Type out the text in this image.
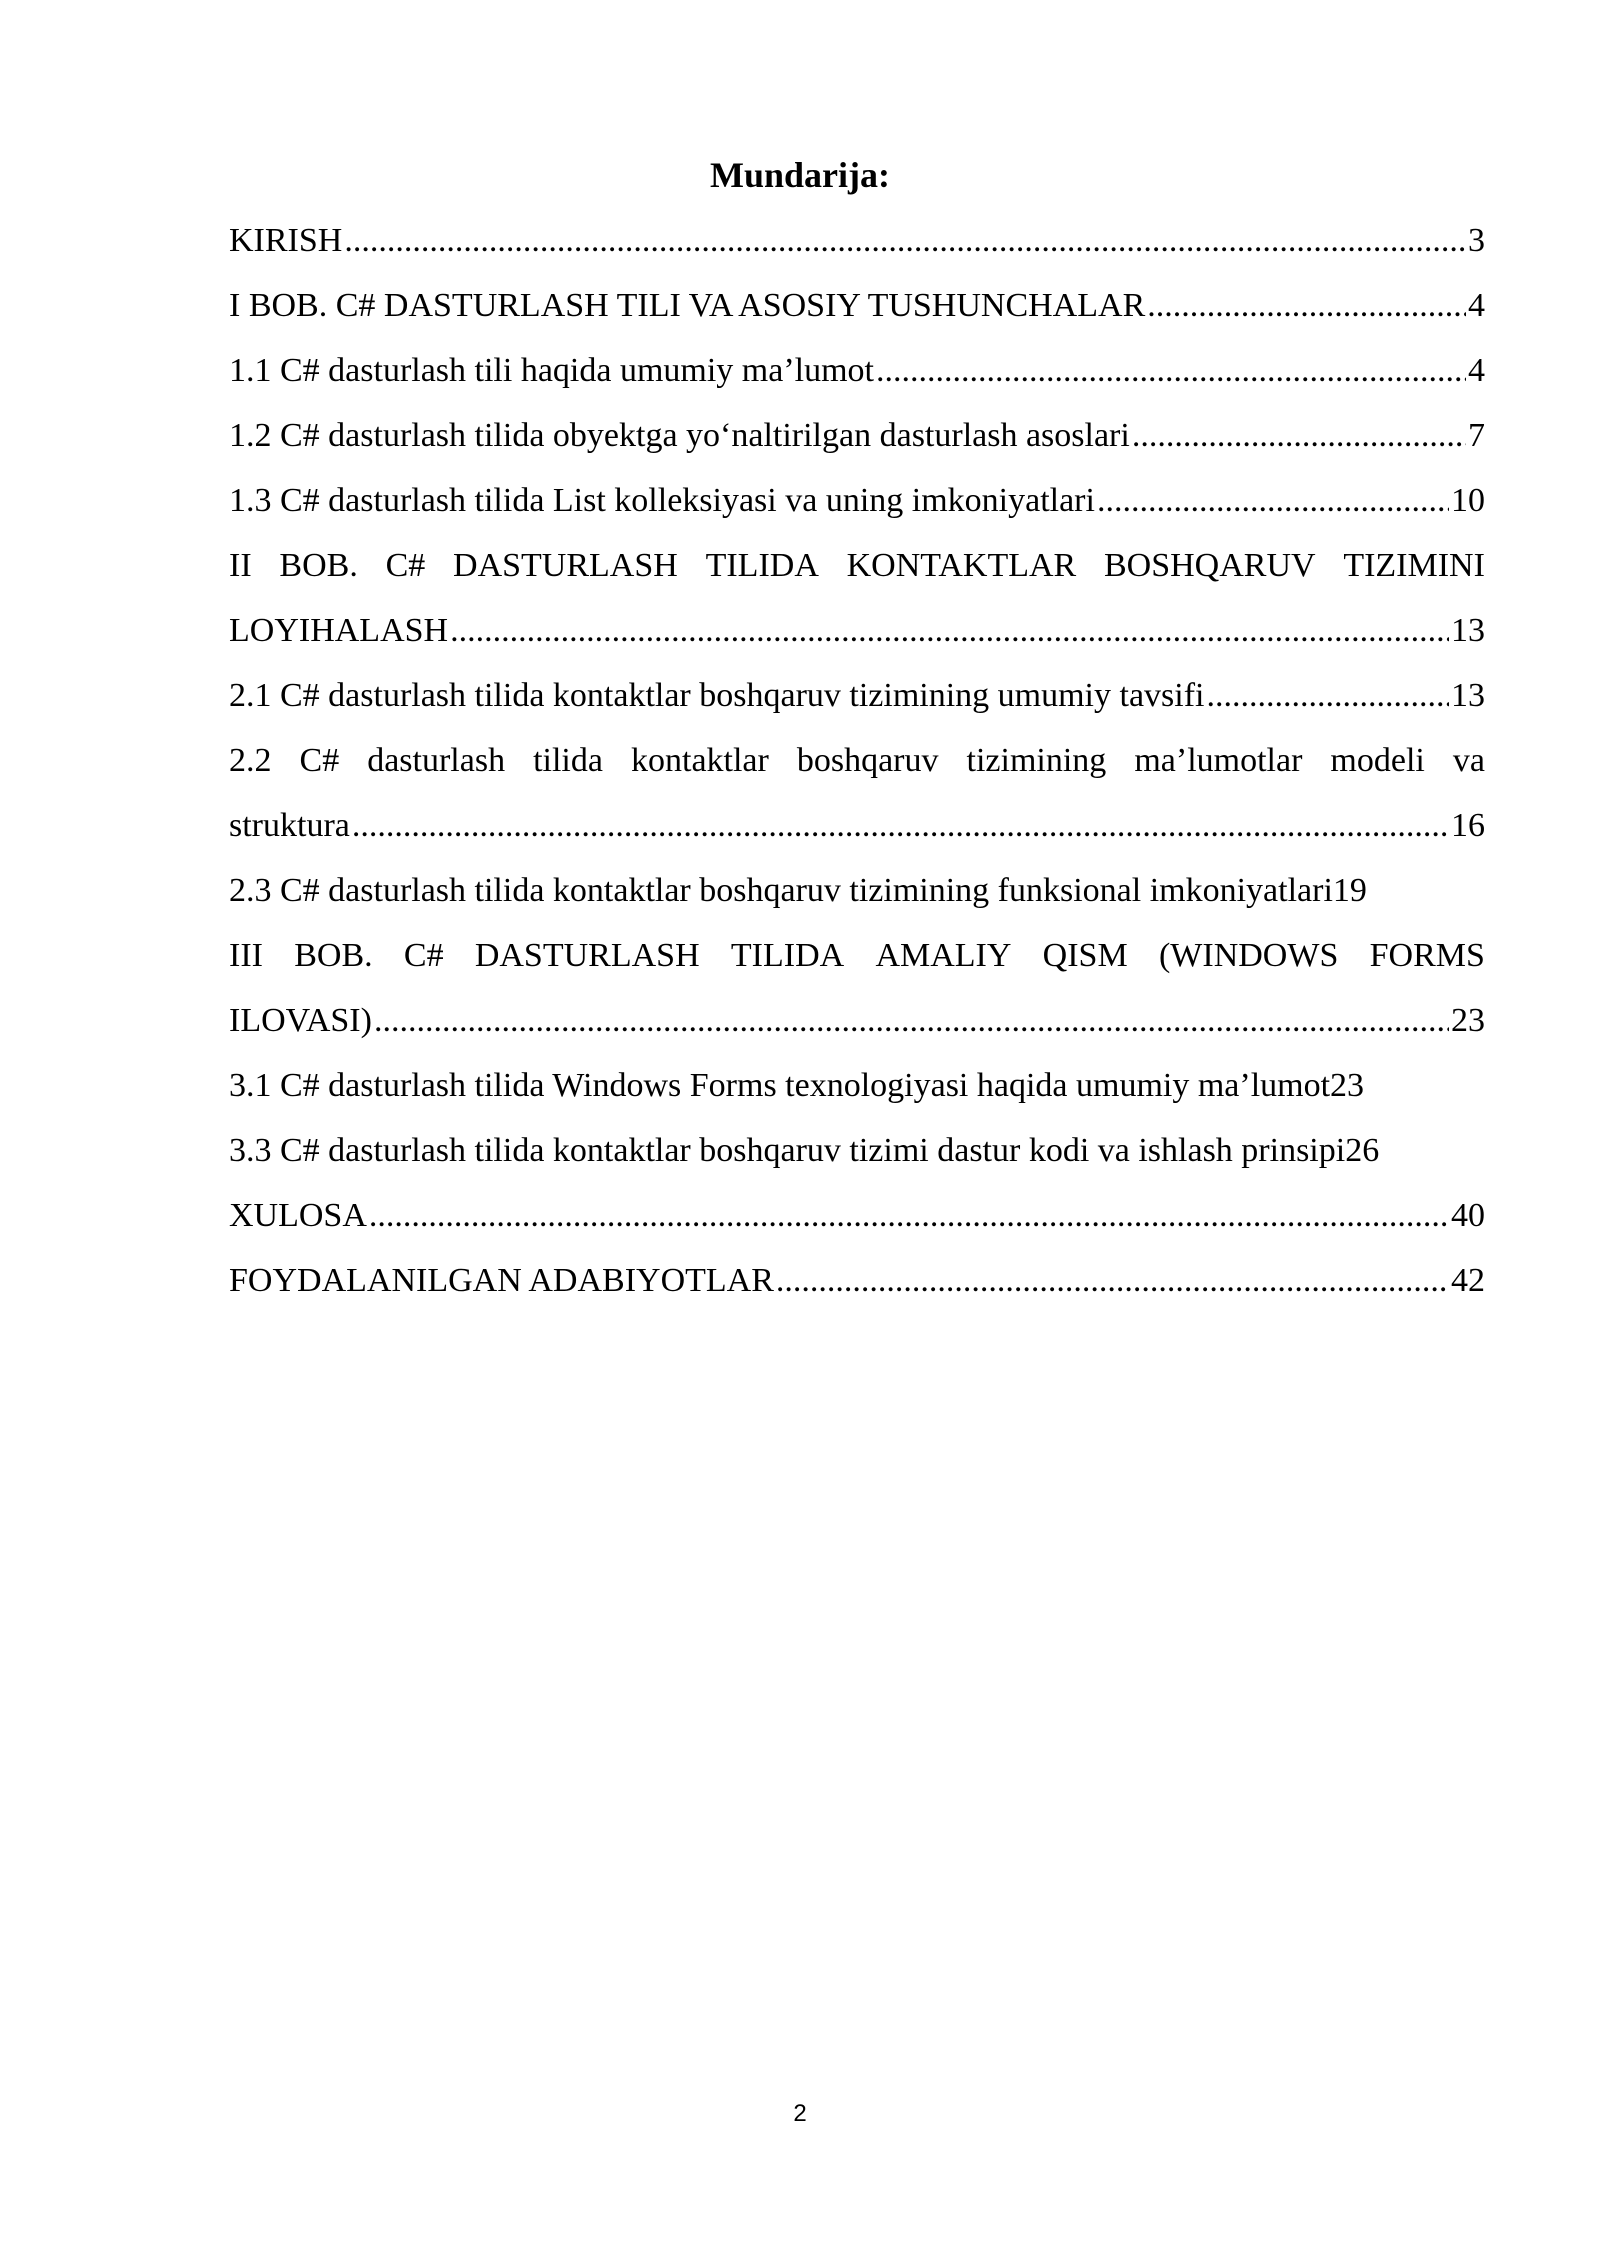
Mundarija:
KIRISH .....	3
I BOB. C# DASTURLASH TILI VA ASOSIY TUSHUNCHALAR .....	4
1.1 C# dasturlash tili haqida umumiy ma’lumot .....	4
1.2 C# dasturlash tilida obyektga yo‘naltirilgan dasturlash asoslari .....	7
1.3 C# dasturlash tilida List kolleksiyasi va uning imkoniyatlari .....	10
II BOB. C# DASTURLASH TILIDA KONTAKTLAR BOSHQARUV TIZIMINI
LOYIHALASH .....	13
2.1 C# dasturlash tilida kontaktlar boshqaruv tizimining umumiy tavsifi .....	13
2.2 C# dasturlash tilida kontaktlar boshqaruv tizimining ma’lumotlar modeli va
struktura .....	16
2.3 C# dasturlash tilida kontaktlar boshqaruv tizimining funksional imkoniyatlari 19
III BOB. C# DASTURLASH TILIDA AMALIY QISM (WINDOWS FORMS
ILOVASI) .....	23
3.1 C# dasturlash tilida Windows Forms texnologiyasi haqida umumiy ma’lumot 23
3.3 C# dasturlash tilida kontaktlar boshqaruv tizimi dastur kodi va ishlash prinsipi 26
XULOSA .....	40
FOYDALANILGAN ADABIYOTLAR .....	42
2
